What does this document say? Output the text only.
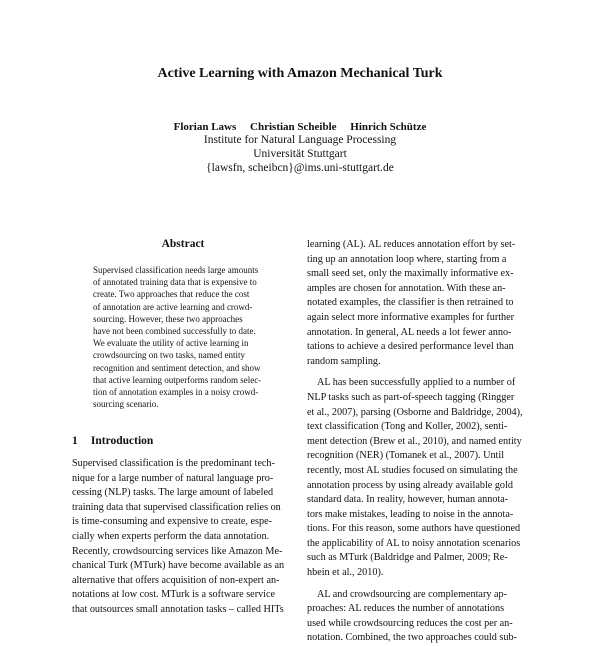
Active Learning with Amazon Mechanical Turk
Florian Laws     Christian Scheible     Hinrich Schütze
Institute for Natural Language Processing
Universität Stuttgart
{lawsfn, scheibcn}@ims.uni-stuttgart.de
Abstract
Supervised classification needs large amounts
of annotated training data that is expensive to
create. Two approaches that reduce the cost
of annotation are active learning and crowd-
sourcing. However, these two approaches
have not been combined successfully to date.
We evaluate the utility of active learning in
crowdsourcing on two tasks, named entity
recognition and sentiment detection, and show
that active learning outperforms random selec-
tion of annotation examples in a noisy crowd-
sourcing scenario.
1 Introduction
Supervised classification is the predominant tech-
nique for a large number of natural language pro-
cessing (NLP) tasks. The large amount of labeled
training data that supervised classification relies on
is time-consuming and expensive to create, espe-
cially when experts perform the data annotation.
Recently, crowdsourcing services like Amazon Me-
chanical Turk (MTurk) have become available as an
alternative that offers acquisition of non-expert an-
notations at low cost. MTurk is a software service
that outsources small annotation tasks – called HITs
learning (AL). AL reduces annotation effort by set-
ting up an annotation loop where, starting from a
small seed set, only the maximally informative ex-
amples are chosen for annotation. With these an-
notated examples, the classifier is then retrained to
again select more informative examples for further
annotation. In general, AL needs a lot fewer anno-
tations to achieve a desired performance level than
random sampling.
AL has been successfully applied to a number of
NLP tasks such as part-of-speech tagging (Ringger
et al., 2007), parsing (Osborne and Baldridge, 2004),
text classification (Tong and Koller, 2002), senti-
ment detection (Brew et al., 2010), and named entity
recognition (NER) (Tomanek et al., 2007). Until
recently, most AL studies focused on simulating the
annotation process by using already available gold
standard data. In reality, however, human annota-
tors make mistakes, leading to noise in the annota-
tions. For this reason, some authors have questioned
the applicability of AL to noisy annotation scenarios
such as MTurk (Baldridge and Palmer, 2009; Re-
hbein et al., 2010).
AL and crowdsourcing are complementary ap-
proaches: AL reduces the number of annotations
used while crowdsourcing reduces the cost per an-
notation. Combined, the two approaches could sub-
